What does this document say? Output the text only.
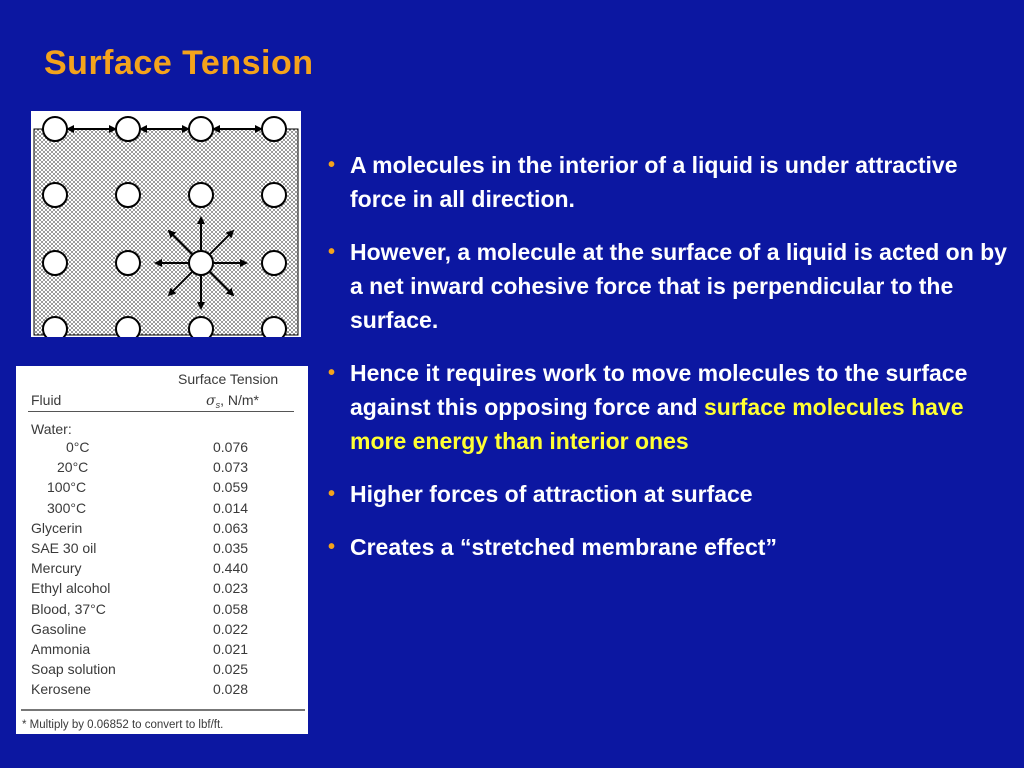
Surface Tension
Surface Tension
Fluid	$\sigma_s$, N/m*
Water:
0°C	0.076
20°C	0.073
100°C	0.059
300°C	0.014
Glycerin	0.063
SAE 30 oil	0.035
Mercury	0.440
Ethyl alcohol	0.023
Blood, 37°C	0.058
Gasoline	0.022
Ammonia	0.021
Soap solution	0.025
Kerosene	0.028
* Multiply by 0.06852 to convert to lbf/ft.
• A molecules in the interior of a liquid is under attractive force in all direction.
• However, a molecule at the surface of a liquid is acted on by a net inward cohesive force that is perpendicular to the surface.
• Hence it requires work to move molecules to the surface against this opposing force and surface molecules have more energy than interior ones
• Higher forces of attraction at surface
• Creates a “stretched membrane effect”
